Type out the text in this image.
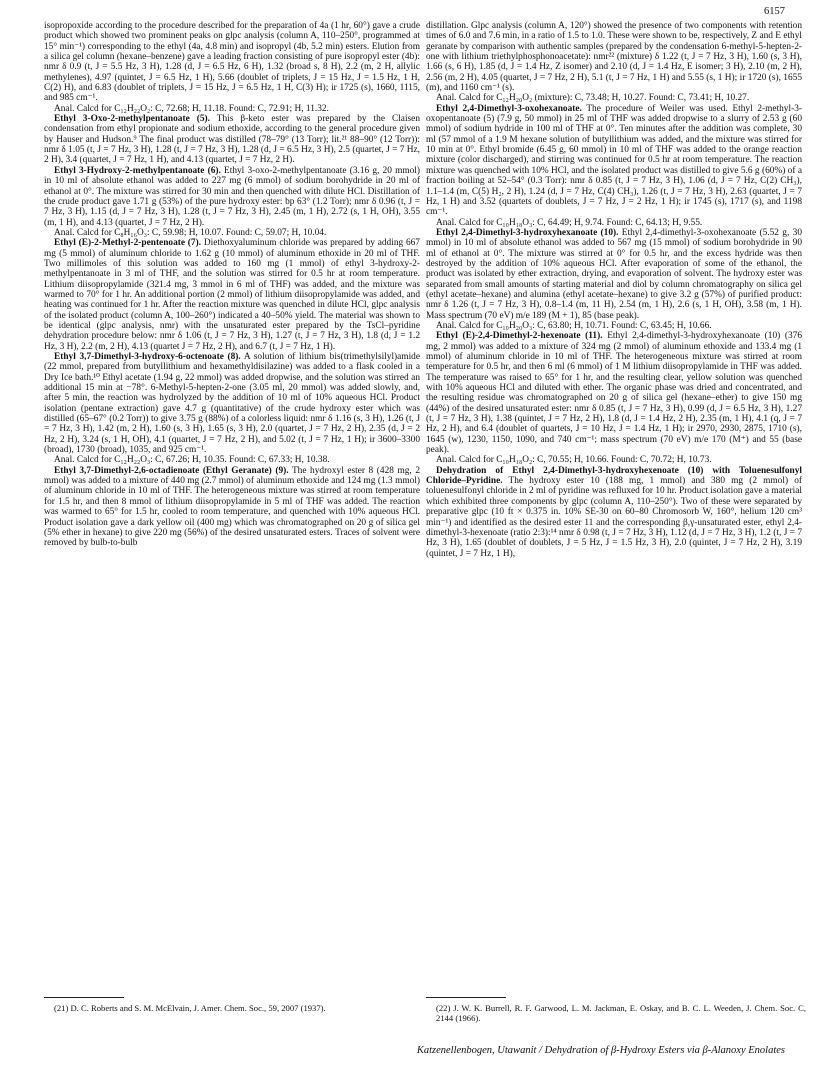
6157

isopropoxide according to the procedure described for the preparation of 4a (1 hr, 60°) gave a crude product which showed two prominent peaks on glpc analysis (column A, 110–250°, programmed at 15° min⁻¹) corresponding to the ethyl (4a, 4.8 min) and isopropyl (4b, 5.2 min) esters. Elution from a silica gel column (hexane–benzene) gave a leading fraction consisting of pure isopropyl ester (4b): nmr δ 0.9 (t, J = 5.5 Hz, 3 H), 1.28 (d, J = 6.5 Hz, 6 H), 1.32 (broad s, 8 H), 2.2 (m, 2 H, allylic methylenes), 4.97 (quintet, J = 6.5 Hz, 1 H), 5.66 (doublet of triplets, J = 15 Hz, J = 1.5 Hz, 1 H, C(2) H), and 6.83 (doublet of triplets, J = 15 Hz, J = 6.5 Hz, 1 H, C(3) H); ir 1725 (s), 1660, 1115, and 985 cm⁻¹.

Anal. Calcd for C₁₂H₂₂O₂: C, 72.68; H, 11.18. Found: C, 72.91; H, 11.32.

Ethyl 3-Oxo-2-methylpentanoate (5). This β-keto ester was prepared by the Claisen condensation from ethyl propionate and sodium ethoxide, according to the general procedure given by Hauser and Hudson.⁹ The final product was distilled (78–79° (13 Torr); lit.²¹ 88–90° (12 Torr)): nmr δ 1.05 (t, J = 7 Hz, 3 H), 1.28 (t, J = 7 Hz, 3 H), 1.28 (d, J = 6.5 Hz, 3 H), 2.5 (quartet, J = 7 Hz, 2 H), 3.4 (quartet, J = 7 Hz, 1 H), and 4.13 (quartet, J = 7 Hz, 2 H).

Ethyl 3-Hydroxy-2-methylpentanoate (6). Ethyl 3-oxo-2-methylpentanoate (3.16 g, 20 mmol) in 10 ml of absolute ethanol was added to 227 mg (6 mmol) of sodium borohydride in 20 ml of ethanol at 0°. The mixture was stirred for 30 min and then quenched with dilute HCl. Distillation of the crude product gave 1.71 g (53%) of the pure hydroxy ester: bp 63° (1.2 Torr); nmr δ 0.96 (t, J = 7 Hz, 3 H), 1.15 (d, J = 7 Hz, 3 H), 1.28 (t, J = 7 Hz, 3 H), 2.45 (m, 1 H), 2.72 (s, 1 H, OH), 3.55 (m, 1 H), and 4.13 (quartet, J = 7 Hz, 2 H).

Anal. Calcd for C₈H₁₆O₃: C, 59.98; H, 10.07. Found: C, 59.07; H, 10.04.

Ethyl (E)-2-Methyl-2-pentenoate (7). Diethoxyaluminum chloride was prepared by adding 667 mg (5 mmol) of aluminum chloride to 1.62 g (10 mmol) of aluminum ethoxide in 20 ml of THF. Two millimoles of this solution was added to 160 mg (1 mmol) of ethyl 3-hydroxy-2-methylpentanoate in 3 ml of THF, and the solution was stirred for 0.5 hr at room temperature. Lithium diisopropylamide (321.4 mg, 3 mmol in 6 ml of THF) was added, and the mixture was warmed to 70° for 1 hr. An additional portion (2 mmol) of lithium diisopropylamide was added, and heating was continued for 1 hr. After the reaction mixture was quenched in dilute HCl, glpc analysis of the isolated product (column A, 100–260°) indicated a 40–50% yield. The material was shown to be identical (glpc analysis, nmr) with the unsaturated ester prepared by the TsCl–pyridine dehydration procedure below: nmr δ 1.06 (t, J = 7 Hz, 3 H), 1.27 (t, J = 7 Hz, 3 H), 1.8 (d, J = 1.2 Hz, 3 H), 2.2 (m, 2 H), 4.13 (quartet J = 7 Hz, 2 H), and 6.7 (t, J = 7 Hz, 1 H).

Ethyl 3,7-Dimethyl-3-hydroxy-6-octenoate (8). A solution of lithium bis(trimethylsilyl)amide (22 mmol, prepared from butyllithium and hexamethyldisilazine) was added to a flask cooled in a Dry Ice bath.¹⁰ Ethyl acetate (1.94 g, 22 mmol) was added dropwise, and the solution was stirred an additional 15 min at −78°. 6-Methyl-5-hepten-2-one (3.05 ml, 20 mmol) was added slowly, and, after 5 min, the reaction was hydrolyzed by the addition of 10 ml of 10% aqueous HCl. Product isolation (pentane extraction) gave 4.7 g (quantitative) of the crude hydroxy ester which was distilled (65–67° (0.2 Torr)) to give 3.75 g (88%) of a colorless liquid: nmr δ 1.16 (s, 3 H), 1.26 (t, J = 7 Hz, 3 H), 1.42 (m, 2 H), 1.60 (s, 3 H), 1.65 (s, 3 H), 2.0 (quartet, J = 7 Hz, 2 H), 2.35 (d, J = 2 Hz, 2 H), 3.24 (s, 1 H, OH), 4.1 (quartet, J = 7 Hz, 2 H), and 5.02 (t, J = 7 Hz, 1 H); ir 3600–3300 (broad), 1730 (broad), 1035, and 925 cm⁻¹.

Anal. Calcd for C₁₂H₂₂O₃: C, 67.26; H, 10.35. Found: C, 67.33; H, 10.38.

Ethyl 3,7-Dimethyl-2,6-octadienoate (Ethyl Geranate) (9). The hydroxyl ester 8 (428 mg, 2 mmol) was added to a mixture of 440 mg (2.7 mmol) of aluminum ethoxide and 124 mg (1.3 mmol) of aluminum chloride in 10 ml of THF. The heterogeneous mixture was stirred at room temperature for 1.5 hr, and then 8 mmol of lithium diisopropylamide in 5 ml of THF was added. The reaction was warmed to 65° for 1.5 hr, cooled to room temperature, and quenched with 10% aqueous HCl. Product isolation gave a dark yellow oil (400 mg) which was chromatographed on 20 g of silica gel (5% ether in hexane) to give 220 mg (56%) of the desired unsaturated esters. Traces of solvent were removed by bulb-to-bulb

distillation. Glpc analysis (column A, 120°) showed the presence of two components with retention times of 6.0 and 7.6 min, in a ratio of 1.5 to 1.0. These were shown to be, respectively, Z and E ethyl geranate by comparison with authentic samples (prepared by the condensation 6-methyl-5-hepten-2-one with lithium triethylphosphonoacetate): nmr²² (mixture) δ 1.22 (t, J = 7 Hz, 3 H), 1.60 (s, 3 H), 1.66 (s, 6 H), 1.85 (d, J = 1.4 Hz, Z isomer) and 2.10 (d, J = 1.4 Hz, E isomer; 3 H), 2.10 (m, 2 H), 2.56 (m, 2 H), 4.05 (quartet, J = 7 Hz, 2 H), 5.1 (t, J = 7 Hz, 1 H) and 5.55 (s, 1 H); ir 1720 (s), 1655 (m), and 1160 cm⁻¹ (s).

Anal. Calcd for C₁₂H₂₀O₂ (mixture): C, 73.48; H, 10.27. Found: C, 73.41; H, 10.27.

Ethyl 2,4-Dimethyl-3-oxohexanoate. The procedure of Weiler was used. Ethyl 2-methyl-3-oxopentanoate (5) (7.9 g, 50 mmol) in 25 ml of THF was added dropwise to a slurry of 2.53 g (60 mmol) of sodium hydride in 100 ml of THF at 0°. Ten minutes after the addition was complete, 30 ml (57 mmol of a 1.9 M hexane solution of butyllithium was added, and the mixture was stirred for 10 min at 0°. Ethyl bromide (6.45 g, 60 mmol) in 10 ml of THF was added to the orange reaction mixture (color discharged), and stirring was continued for 0.5 hr at room temperature. The reaction mixture was quenched with 10% HCl, and the isolated product was distilled to give 5.6 g (60%) of a fraction boiling at 52–54° (0.3 Torr): nmr δ 0.85 (t, J = 7 Hz, 3 H), 1.06 (d, J = 7 Hz, C(2) CH₃), 1.1–1.4 (m, C(5) H₂, 2 H), 1.24 (d, J = 7 Hz, C(4) CH₃), 1.26 (t, J = 7 Hz, 3 H), 2.63 (quartet, J = 7 Hz, 1 H) and 3.52 (quartets of doublets, J = 7 Hz, J = 2 Hz, 1 H); ir 1745 (s), 1717 (s), and 1198 cm⁻¹.

Anal. Calcd for C₁₀H₁₈O₃: C, 64.49; H, 9.74. Found: C, 64.13; H, 9.55.

Ethyl 2,4-Dimethyl-3-hydroxyhexanoate (10). Ethyl 2,4-dimethyl-3-oxohexanoate (5.52 g, 30 mmol) in 10 ml of absolute ethanol was added to 567 mg (15 mmol) of sodium borohydride in 90 ml of ethanol at 0°. The mixture was stirred at 0° for 0.5 hr, and the excess hydride was then destroyed by the addition of 10% aqueous HCl. After evaporation of some of the ethanol, the product was isolated by ether extraction, drying, and evaporation of solvent. The hydroxy ester was separated from small amounts of starting material and diol by column chromatography on silica gel (ethyl acetate–hexane) and alumina (ethyl acetate–hexane) to give 3.2 g (57%) of purified product: nmr δ 1.26 (t, J = 7 Hz, 3 H), 0.8–1.4 (m, 11 H), 2.54 (m, 1 H), 2.6 (s, 1 H, OH), 3.58 (m, 1 H). Mass spectrum (70 eV) m/e 189 (M + 1), 85 (base peak).

Anal. Calcd for C₁₀H₂₀O₃: C, 63.80; H, 10.71. Found: C, 63.45; H, 10.66.

Ethyl (E)-2,4-Dimethyl-2-hexenoate (11). Ethyl 2,4-dimethyl-3-hydroxyhexanoate (10) (376 mg, 2 mmol) was added to a mixture of 324 mg (2 mmol) of aluminum ethoxide and 133.4 mg (1 mmol) of aluminum chloride in 10 ml of THF. The heterogeneous mixture was stirred at room temperature for 0.5 hr, and then 6 ml (6 mmol) of 1 M lithium diisopropylamide in THF was added. The temperature was raised to 65° for 1 hr, and the resulting clear, yellow solution was quenched with 10% aqueous HCl and diluted with ether. The organic phase was dried and concentrated, and the resulting residue was chromatographed on 20 g of silica gel (hexane–ether) to give 150 mg (44%) of the desired unsaturated ester: nmr δ 0.85 (t, J = 7 Hz, 3 H), 0.99 (d, J = 6.5 Hz, 3 H), 1.27 (t, J = 7 Hz, 3 H), 1.38 (quintet, J = 7 Hz, 2 H), 1.8 (d, J = 1.4 Hz, 2 H), 2.35 (m, 1 H), 4.1 (q, J = 7 Hz, 2 H), and 6.4 (doublet of quartets, J = 10 Hz, J = 1.4 Hz, 1 H); ir 2970, 2930, 2875, 1710 (s), 1645 (w), 1230, 1150, 1090, and 740 cm⁻¹; mass spectrum (70 eV) m/e 170 (M⁺) and 55 (base peak).

Anal. Calcd for C₁₀H₁₈O₂: C, 70.55; H, 10.66. Found: C, 70.72; H, 10.73.

Dehydration of Ethyl 2,4-Dimethyl-3-hydroxyhexenoate (10) with Toluenesulfonyl Chloride–Pyridine. The hydroxy ester 10 (188 mg, 1 mmol) and 380 mg (2 mmol) of toluenesulfonyl chloride in 2 ml of pyridine was refluxed for 10 hr. Product isolation gave a material which exhibited three components by glpc (column A, 110–250°). Two of these were separated by preparative glpc (10 ft × 0.375 in. 10% SE-30 on 60–80 Chromosorb W, 160°, helium 120 cm³ min⁻¹) and identified as the desired ester 11 and the corresponding β,γ-unsaturated ester, ethyl 2,4-dimethyl-3-hexenoate (ratio 2:3):¹⁴ nmr δ 0.98 (t, J = 7 Hz, 3 H), 1.12 (d, J = 7 Hz, 3 H), 1.2 (t, J = 7 Hz, 3 H), 1.65 (doublet of doublets, J = 5 Hz, J = 1.5 Hz, 3 H), 2.0 (quintet, J = 7 Hz, 2 H), 3.19 (quintet, J = 7 Hz, 1 H),

(21) D. C. Roberts and S. M. McElvain, J. Amer. Chem. Soc., 59, 2007 (1937).	(22) J. W. K. Burrell, R. F. Garwood, L. M. Jackman, E. Oskay, and B. C. L. Weeden, J. Chem. Soc. C, 2144 (1966).
Katzenellenbogen, Utawanit / Dehydration of β-Hydroxy Esters via β-Alanoxy Enolates
